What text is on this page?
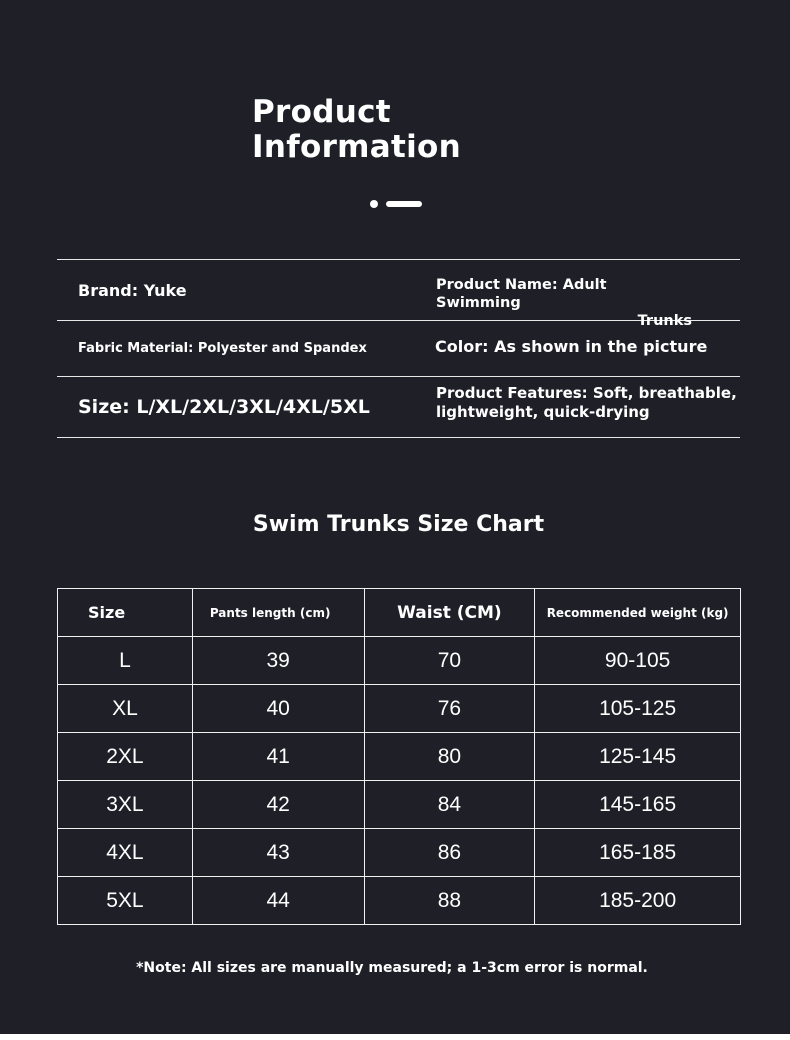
Product
Information
Brand: Yuke	Product Name: Adult Swimming
Trunks
Fabric Material: Polyester and Spandex	Color: As shown in the picture
Size: L/XL/2XL/3XL/4XL/5XL
Product Features: Soft, breathable,
lightweight, quick-drying
Swim Trunks Size Chart
Size	Pants length (cm)	Waist (CM)	Recommended weight (kg)
L	39	70	90-105
XL	40	76	105-125
2XL	41	80	125-145
3XL	42	84	145-165
4XL	43	86	165-185
5XL	44	88	185-200
*Note: All sizes are manually measured; a 1-3cm error is normal.
